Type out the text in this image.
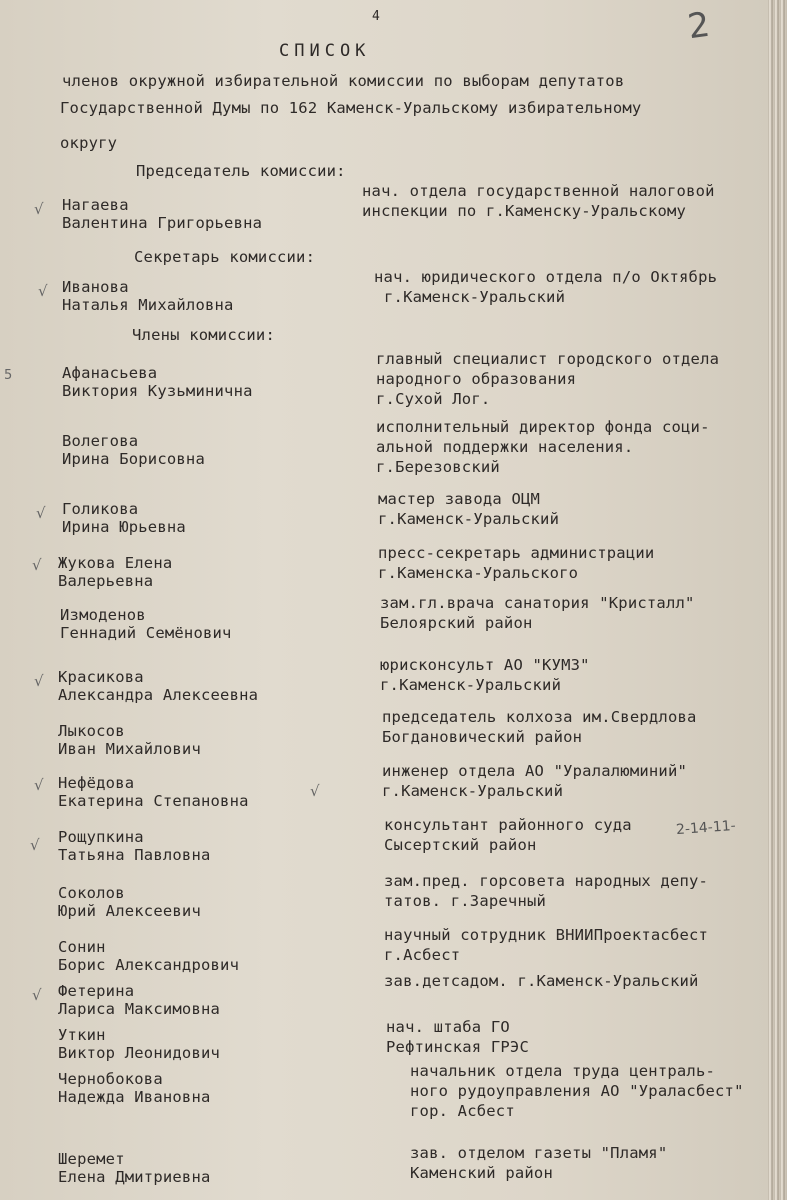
4	2
СПИСОК
членов окружной избирательной комиссии по выборам депутатов
Государственной Думы по 162 Каменск-Уральскому избирательному
округу
Председатель комиссии:
Секретарь комиссии:
Члены комиссии:
Нагаева
Валентина Григорьевна
нач. отдела государственной налоговой
инспекции по г.Каменску-Уральскому
Иванова
Наталья Михайловна
нач. юридического отдела п/о Октябрь
г.Каменск-Уральский
Афанасьева
Виктория Кузьминична
главный специалист городского отдела
народного образования
г.Сухой Лог.
Волегова
Ирина Борисовна
исполнительный директор фонда соци-
альной поддержки населения.
г.Березовский
Голикова
Ирина Юрьевна
мастер завода ОЦМ
г.Каменск-Уральский
Жукова Елена
Валерьевна
пресс-секретарь администрации
г.Каменска-Уральского
Измоденов
Геннадий Семёнович
зам.гл.врача санатория "Кристалл"
Белоярский район
Красикова
Александра Алексеевна
юрисконсульт АО "КУМЗ"
г.Каменск-Уральский
Лыкосов
Иван Михайлович
председатель колхоза им.Свердлова
Богдановический район
Нефёдова
Екатерина Степановна
инженер отдела АО "Уралалюминий"
г.Каменск-Уральский
Рощупкина
Татьяна Павловна
консультант районного суда
Сысертский район
Соколов
Юрий Алексеевич
зам.пред. горсовета народных депу-
татов. г.Заречный
Сонин
Борис Александрович
научный сотрудник ВНИИПроектасбест
г.Асбест
Фетерина
Лариса Максимовна
зав.детсадом. г.Каменск-Уральский
Уткин
Виктор Леонидович
нач. штаба ГО
Рефтинская ГРЭС
Чернобокова
Надежда Ивановна
начальник отдела труда централь-
ного рудоуправления АО "Ураласбест"
гор. Асбест
Шеремет
Елена Дмитриевна
зав. отделом газеты "Пламя"
Каменский район
√
√
5
√
√
√
√	√
√
√
2-14-11-
